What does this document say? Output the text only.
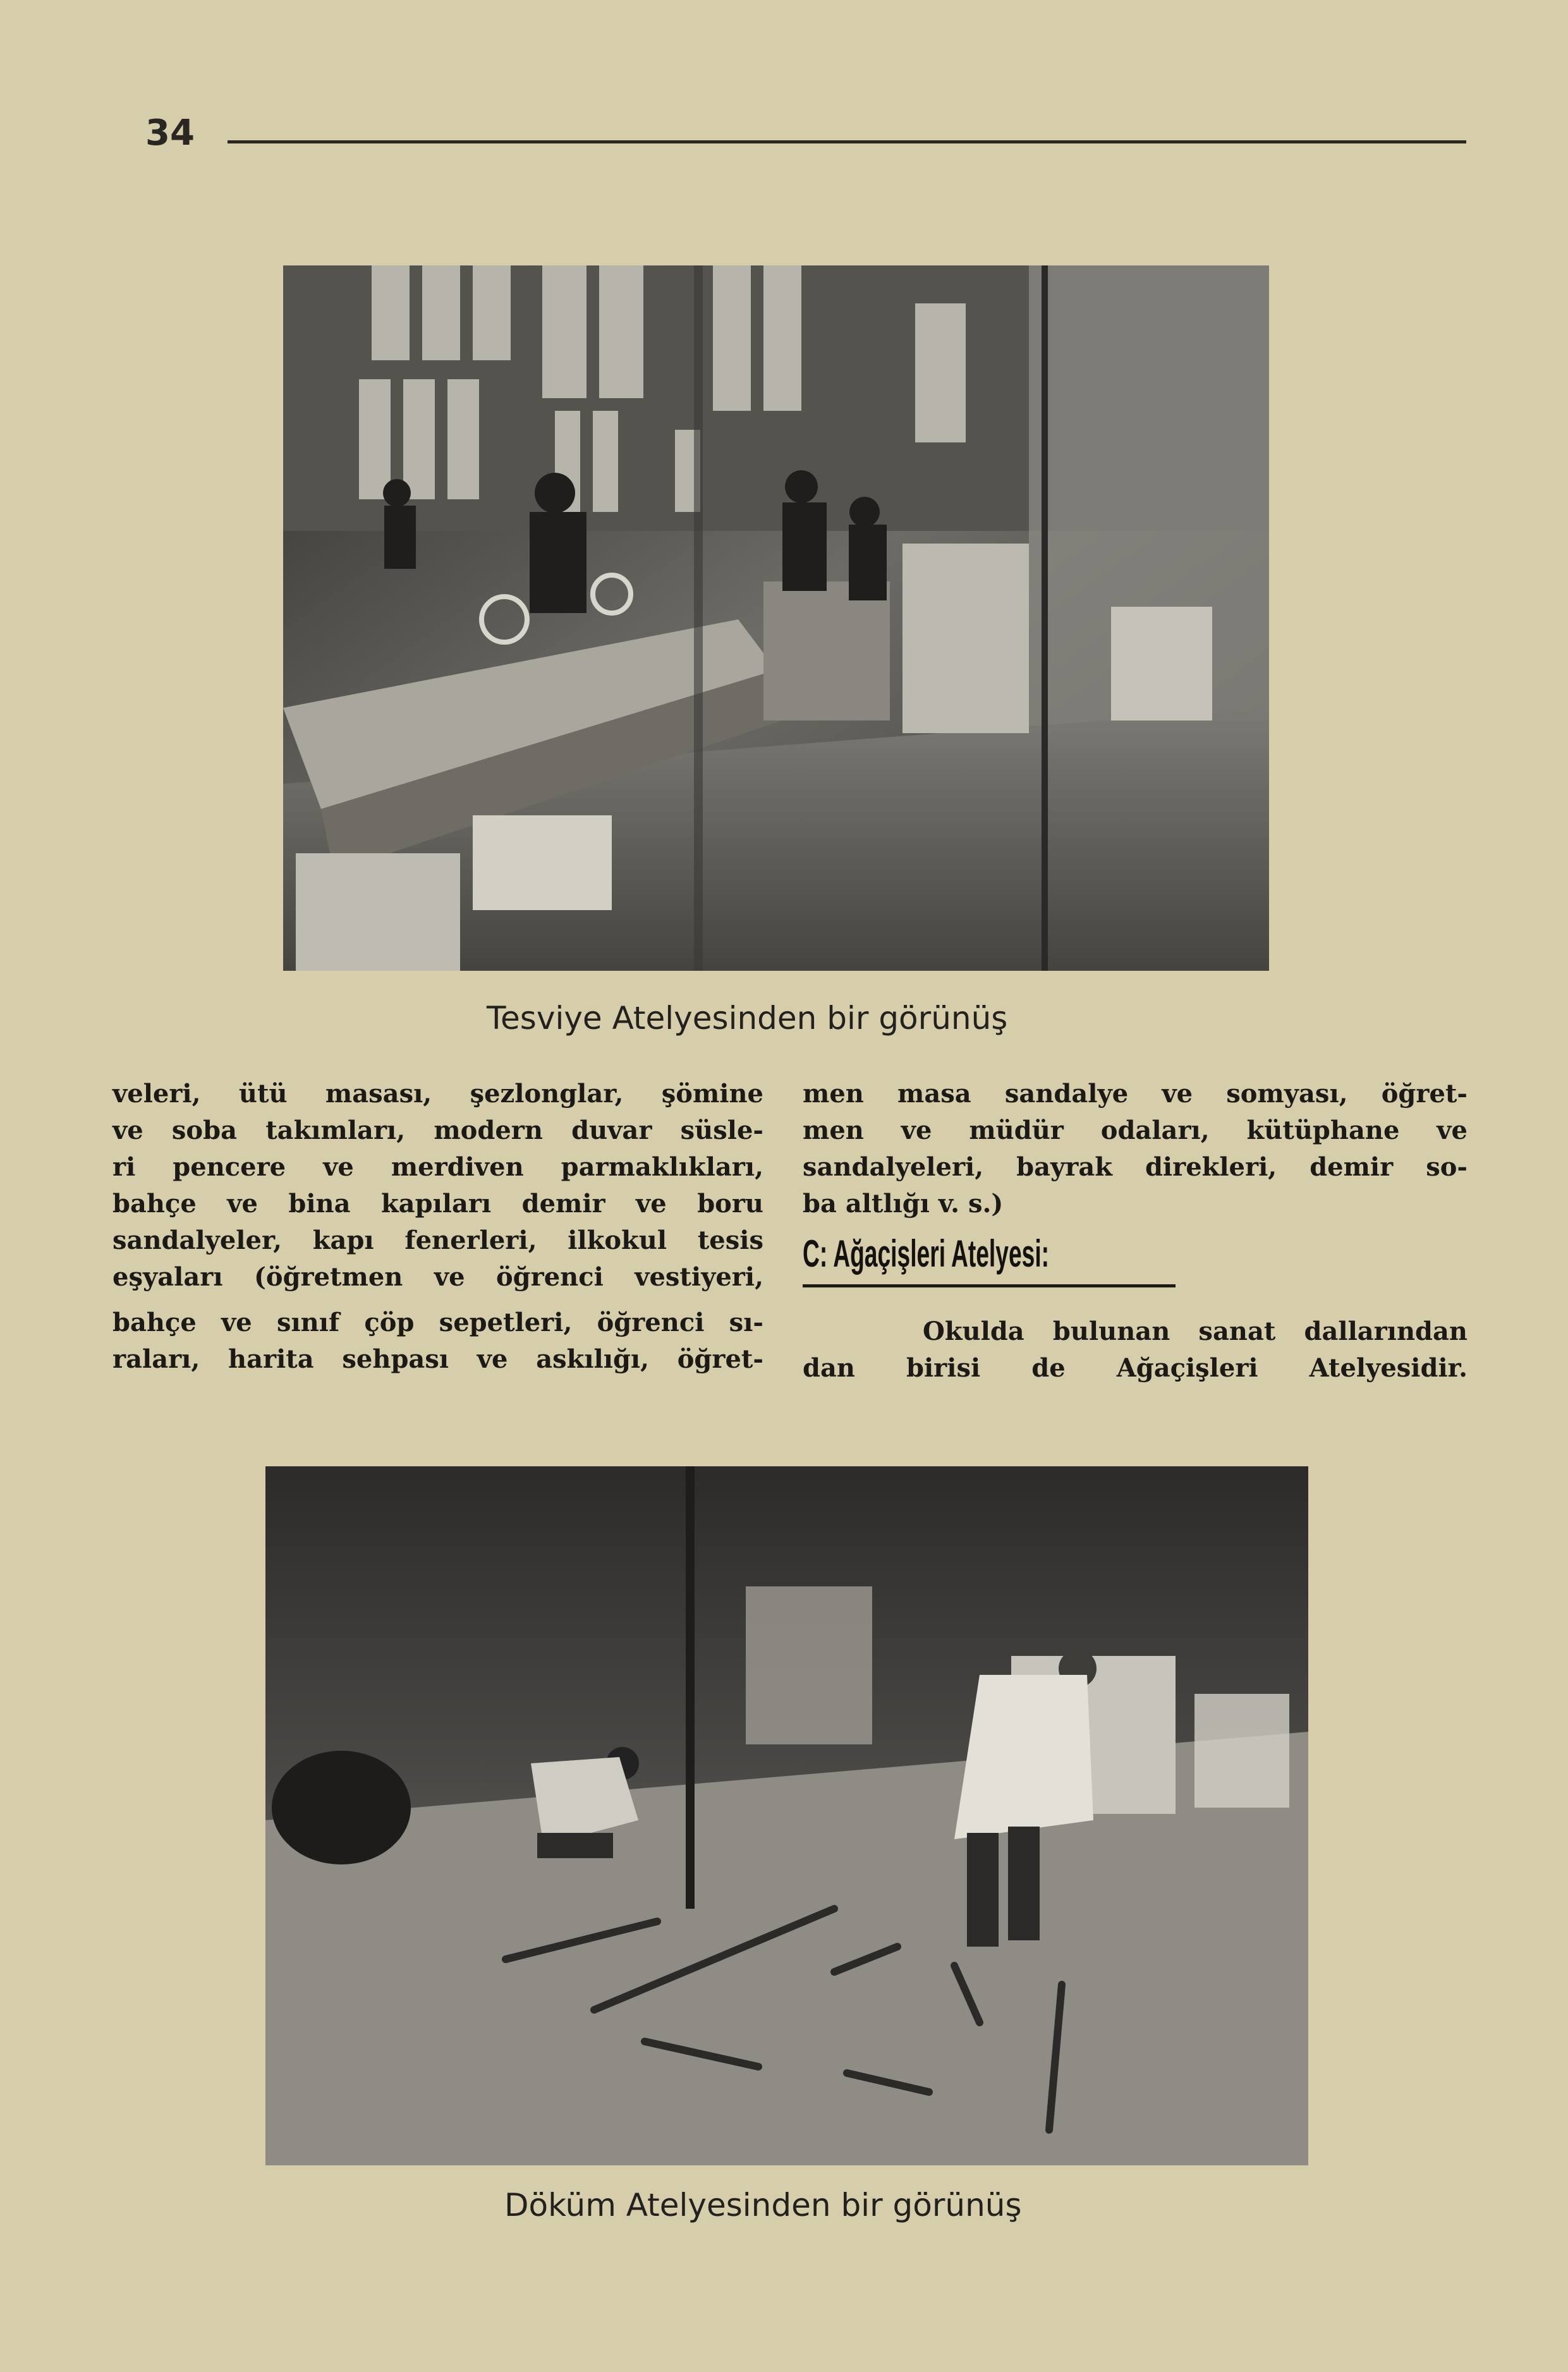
34
Tesviye Atelyesinden bir görünüş
veleri, ütü masası, şezlonglar, şömine
ve soba takımları, modern duvar süsle-
ri pencere ve merdiven parmaklıkları,
bahçe ve bina kapıları demir ve boru
sandalyeler, kapı fenerleri, ilkokul tesis
eşyaları (öğretmen ve öğrenci vestiyeri,
bahçe ve sınıf çöp sepetleri, öğrenci sı-
raları, harita sehpası ve askılığı, öğret-
men masa sandalye ve somyası, öğret-
men ve müdür odaları, kütüphane ve
sandalyeleri, bayrak direkleri, demir so-
ba altlığı v. s.)
C: Ağaçişleri Atelyesi:
Okulda bulunan sanat dallarından
dan birisi de Ağaçişleri Atelyesidir.
Döküm Atelyesinden bir görünüş
